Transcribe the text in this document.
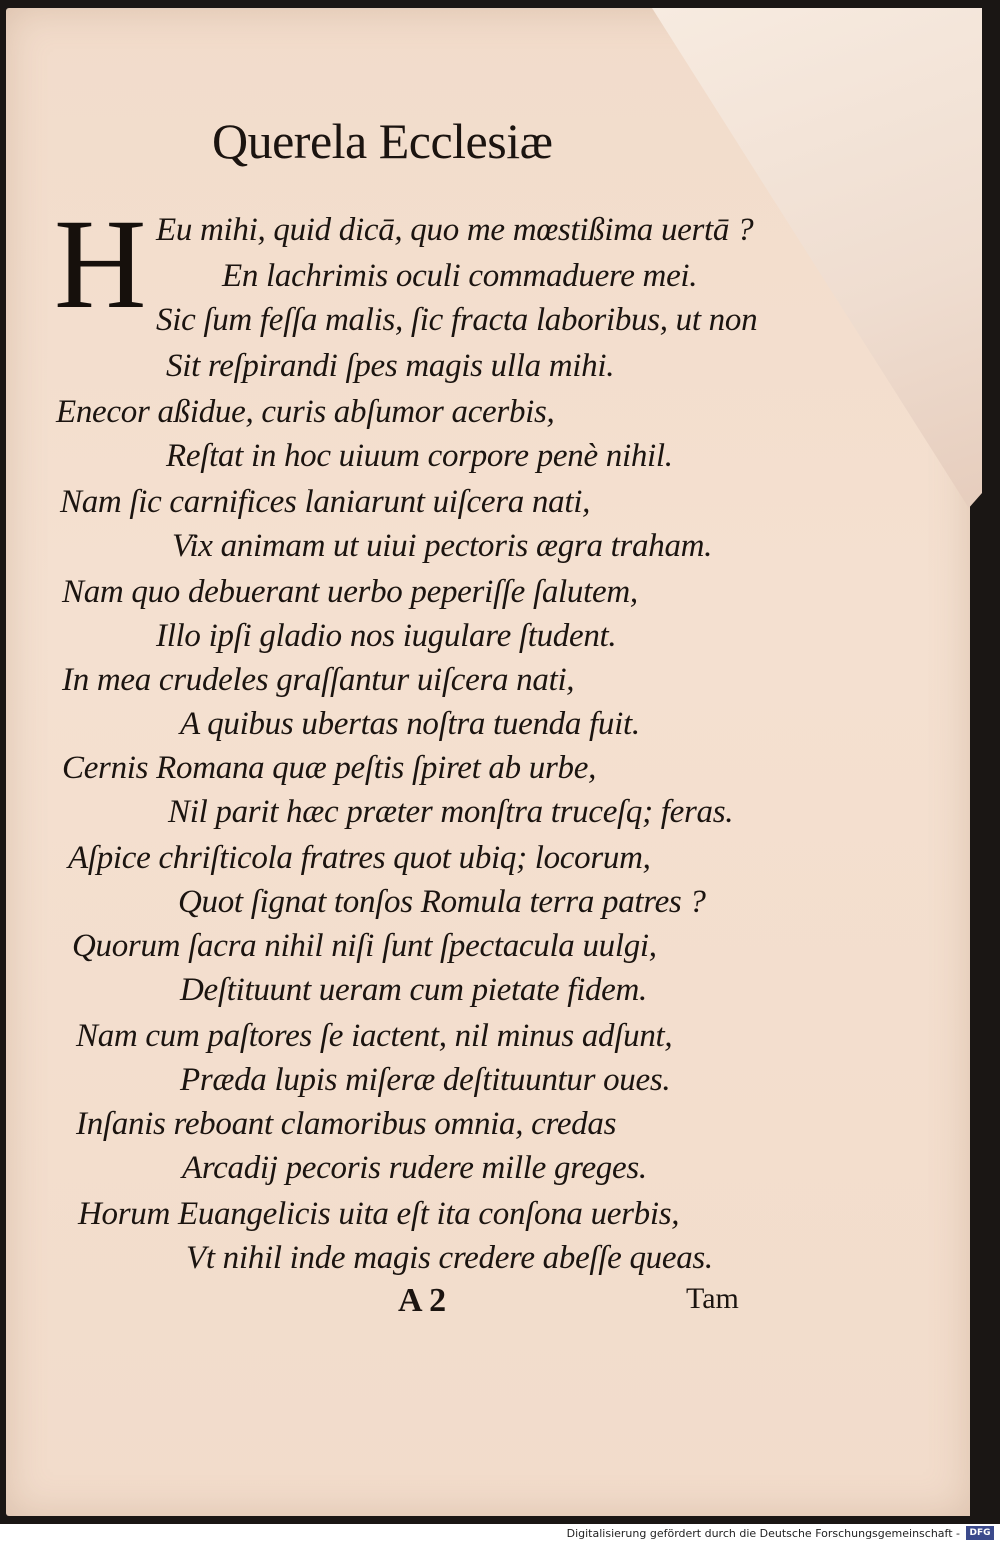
Querela Ecclesiæ
H Eu mihi, quid dicā, quo me mœstißima uertā ?
En lachrimis oculi commaduere mei.
Sic ſum feſſa malis, ſic fracta laboribus, ut non
Sit reſpirandi ſpes magis ulla mihi.
Enecor aßidue, curis abſumor acerbis,
Reſtat in hoc uiuum corpore penè nihil.
Nam ſic carnifices laniarunt uiſcera nati,
Vix animam ut uiui pectoris ægra traham.
Nam quo debuerant uerbo peperiſſe ſalutem,
Illo ipſi gladio nos iugulare ſtudent.
In mea crudeles graſſantur uiſcera nati,
A quibus ubertas noſtra tuenda fuit.
Cernis Romana quæ peſtis ſpiret ab urbe,
Nil parit hæc præter monſtra truceſq; feras.
Aſpice chriſticola fratres quot ubiq; locorum,
Quot ſignat tonſos Romula terra patres ?
Quorum ſacra nihil niſi ſunt ſpectacula uulgi,
Deſtituunt ueram cum pietate fidem.
Nam cum paſtores ſe iactent, nil minus adſunt,
Præda lupis miſeræ deſtituuntur oues.
Inſanis reboant clamoribus omnia, credas
Arcadij pecoris rudere mille greges.
Horum Euangelicis uita eſt ita conſona uerbis,
Vt nihil inde magis credere abeſſe queas.
A 2	Tam
Digitalisierung gefördert durch die Deutsche Forschungsgemeinschaft -	DFG
